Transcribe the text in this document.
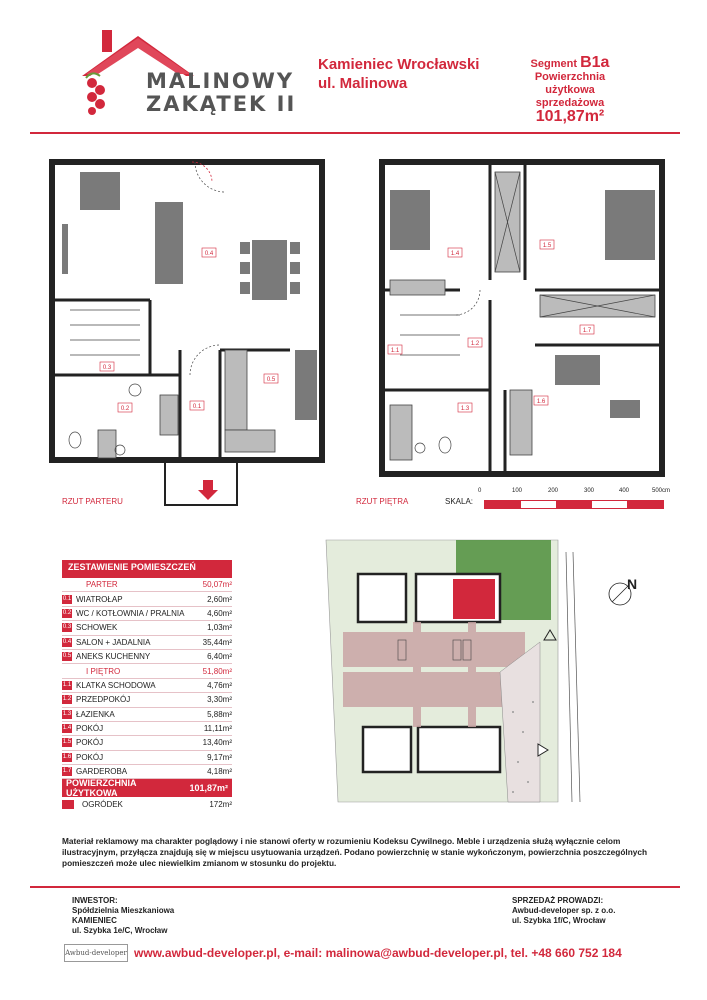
MALINOWY
ZAKĄTEK II
Kamieniec Wrocławski
ul. Malinowa
Segment B1a
Powierzchnia użytkowa
sprzedażowa
101,87m²
0.4
0.5
0.1
0.2
0.3
RZUT PARTERU
1.4
1.5
1.7
1.1
1.2
1.3
1.6
RZUT PIĘTRA	SKALA:
0	100	200	300	400	500cm
ZESTAWIENIE POMIESZCZEŃ
PARTER	50,07m²
0.1 WIATROŁAP	2,60m²
0.2 WC / KOTŁOWNIA / PRALNIA	4,60m²
0.3 SCHOWEK	1,03m²
0.4 SALON + JADALNIA	35,44m²
0.5 ANEKS KUCHENNY	6,40m²
I PIĘTRO	51,80m²
1.1 KLATKA SCHODOWA	4,76m²
1.2 PRZEDPOKÓJ	3,30m²
1.3 ŁAZIENKA	5,88m²
1.4 POKÓJ	11,11m²
1.5 POKÓJ	13,40m²
1.6 POKÓJ	9,17m²
1.7 GARDEROBA	4,18m²
POWIERZCHNIA UŻYTKOWA
	101,87m²
OGRÓDEK	172m²
N
Materiał reklamowy ma charakter poglądowy i nie stanowi oferty w rozumieniu Kodeksu Cywilnego. Meble i urządzenia służą wyłącznie celom
ilustracyjnym, przyłącza znajdują się w miejscu usytuowania urządzeń. Podano powierzchnię w stanie wykończonym, powierzchnia poszczególnych
pomieszczeń może ulec niewielkim zmianom w stosunku do projektu.
INWESTOR:
Spółdzielnia Mieszkaniowa
KAMIENIEC
ul. Szybka 1e/C, Wrocław
SPRZEDAŻ PROWADZI:
Awbud-developer sp. z o.o.
ul. Szybka 1f/C, Wrocław
Awbud-developer www.awbud-developer.pl, e-mail: malinowa@awbud-developer.pl, tel. +48 660 752 184
